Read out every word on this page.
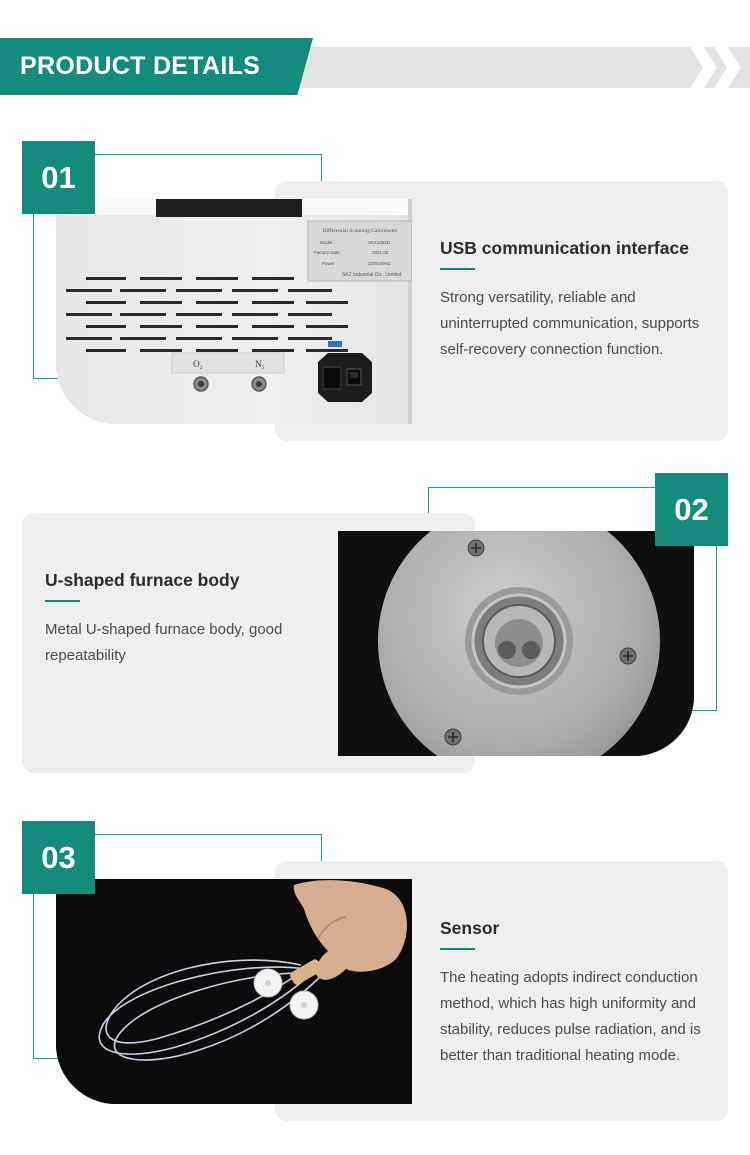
PRODUCT DETAILS
Differential Scanning Calorimeter
Model :	SKZ1052D
Factory Date :	2021.03
Power :	220V,50HZ
SKZ Industrial Co., Limited
O₂	N₂
01
USB communication interface
Strong versatility, reliable and uninterrupted communication, supports self-recovery connection function.
02
U-shaped furnace body
Metal U-shaped furnace body, good repeatability
03
Sensor
The heating adopts indirect conduction method, which has high uniformity and stability, reduces pulse radiation, and is better than traditional heating mode.
